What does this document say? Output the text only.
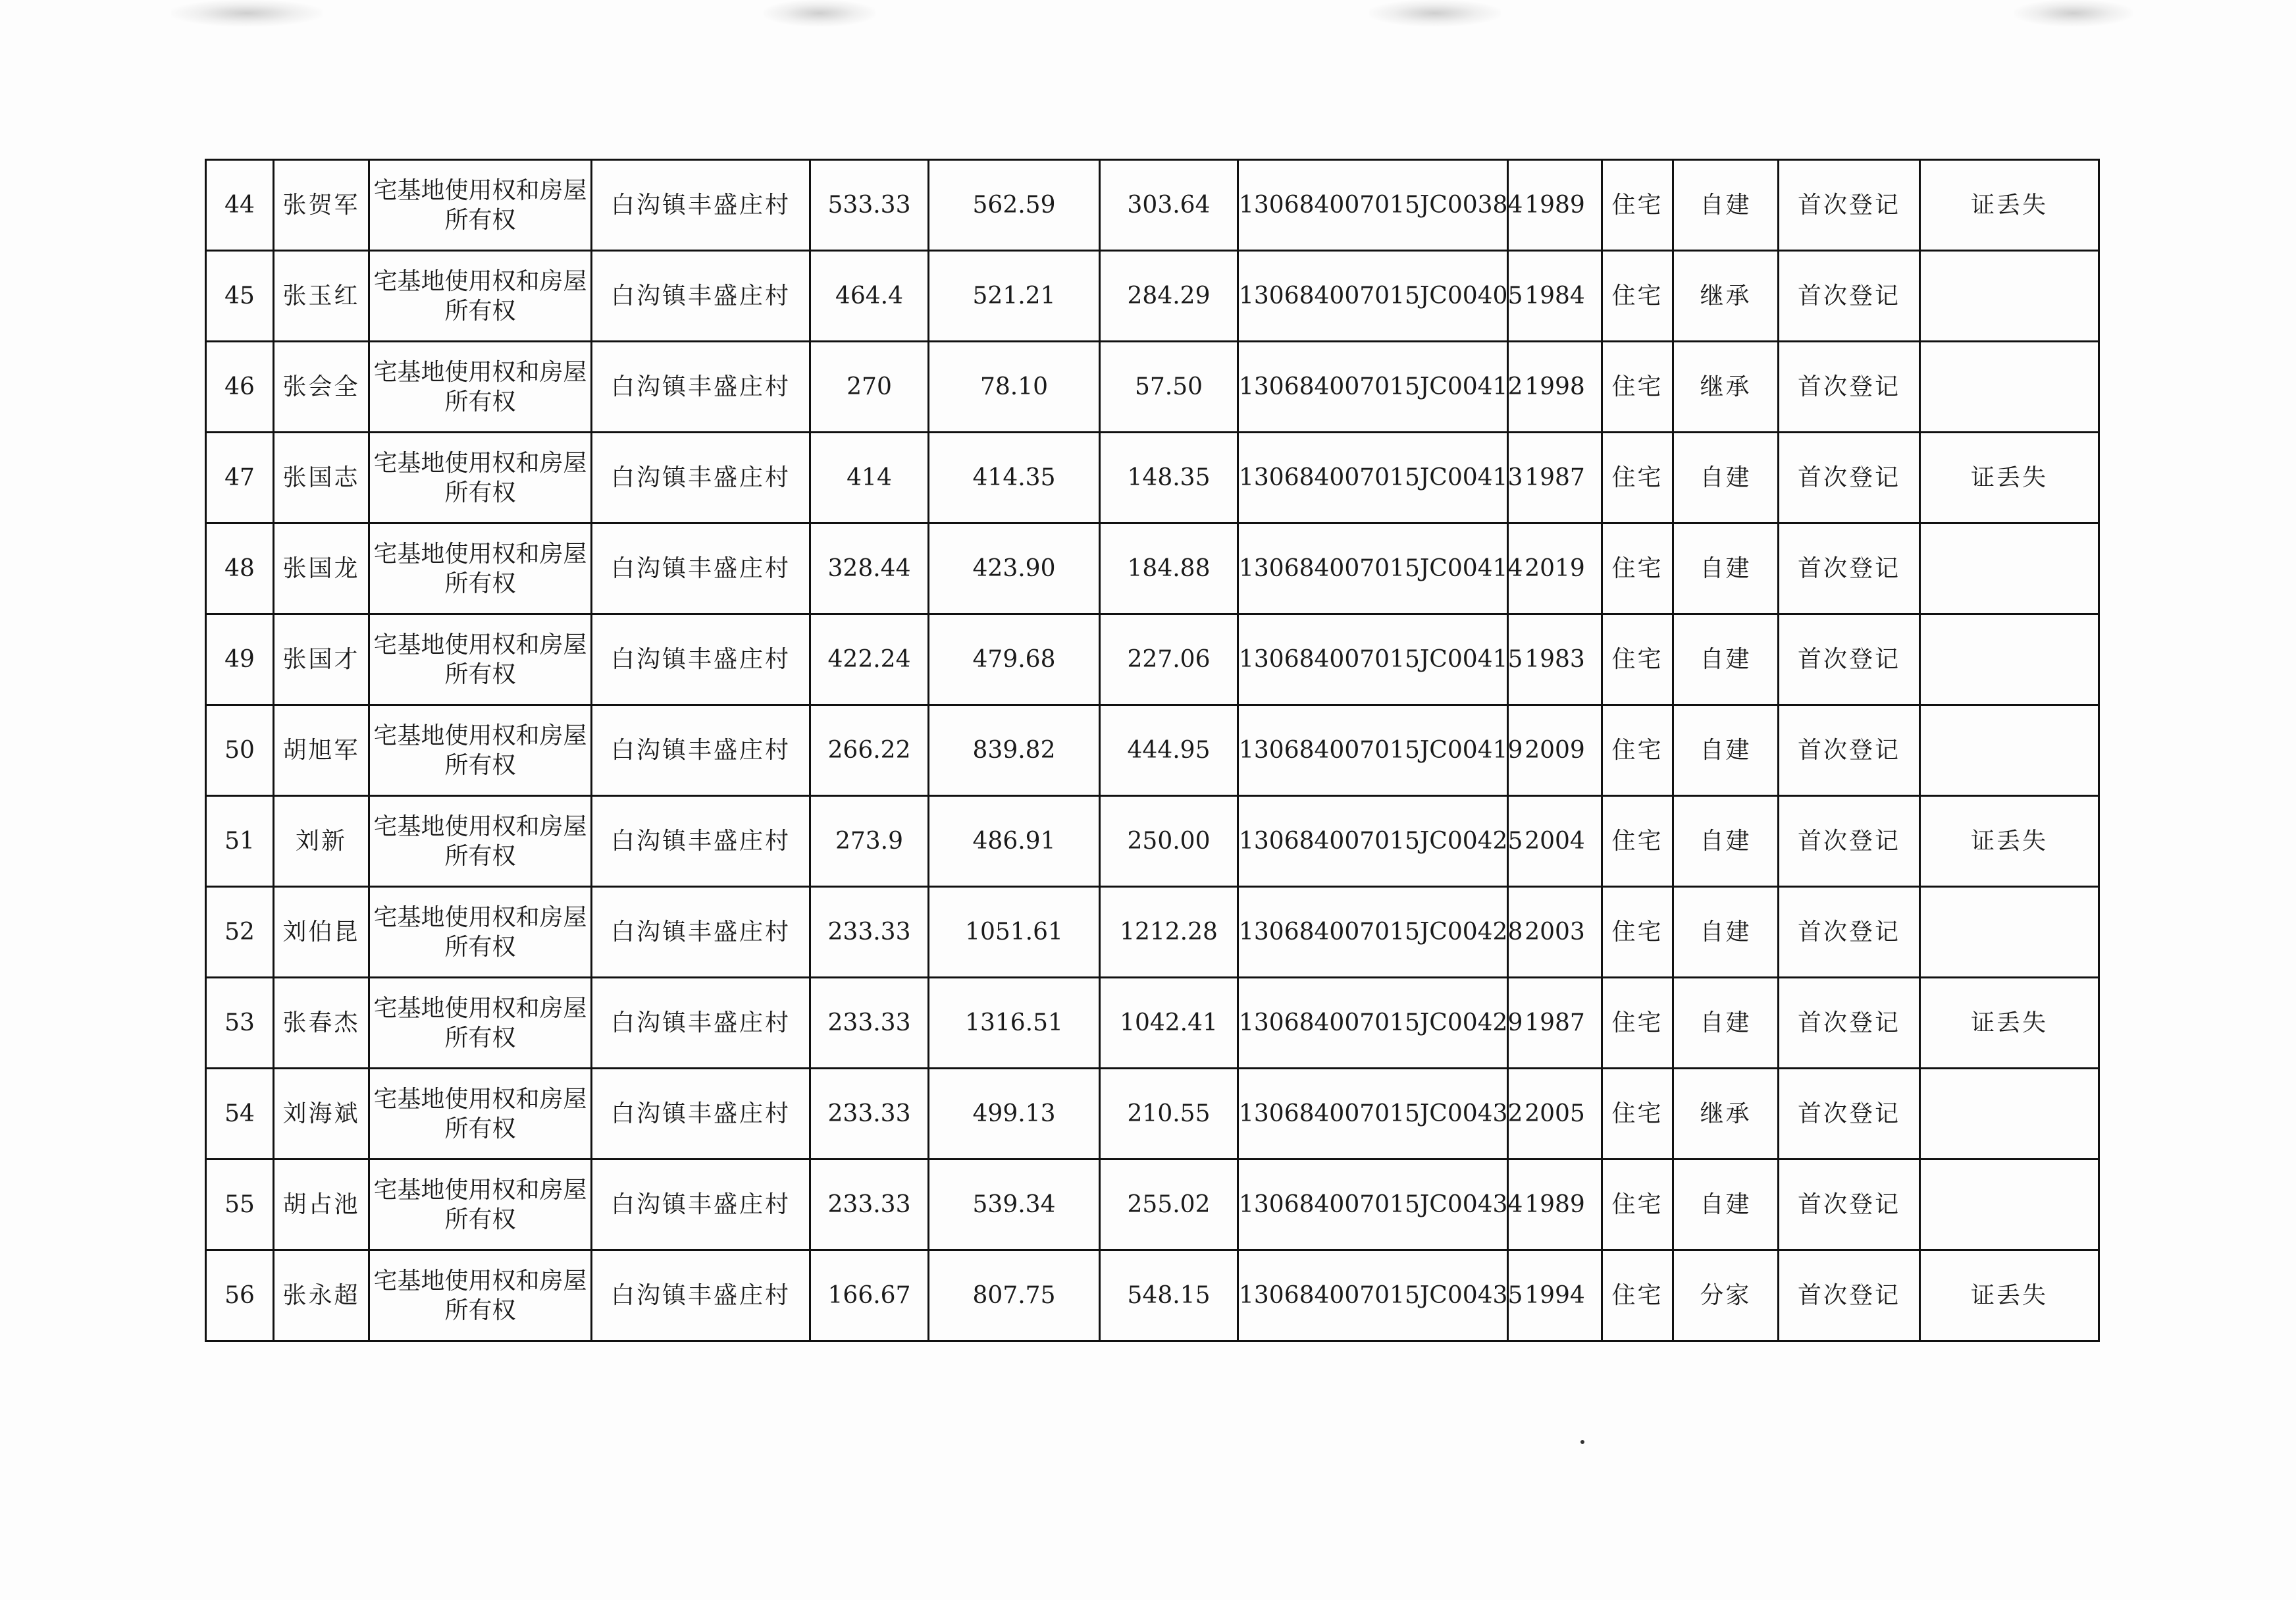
44	张贺军	宅基地使用权和房屋所有权	白沟镇丰盛庄村	533.33	562.59	303.64	130684007015JC00384	1989	住宅	自建	首次登记	证丢失
45	张玉红	宅基地使用权和房屋所有权	白沟镇丰盛庄村	464.4	521.21	284.29	130684007015JC00405	1984	住宅	继承	首次登记	
46	张会全	宅基地使用权和房屋所有权	白沟镇丰盛庄村	270	78.10	57.50	130684007015JC00412	1998	住宅	继承	首次登记	
47	张国志	宅基地使用权和房屋所有权	白沟镇丰盛庄村	414	414.35	148.35	130684007015JC00413	1987	住宅	自建	首次登记	证丢失
48	张国龙	宅基地使用权和房屋所有权	白沟镇丰盛庄村	328.44	423.90	184.88	130684007015JC00414	2019	住宅	自建	首次登记	
49	张国才	宅基地使用权和房屋所有权	白沟镇丰盛庄村	422.24	479.68	227.06	130684007015JC00415	1983	住宅	自建	首次登记	
50	胡旭军	宅基地使用权和房屋所有权	白沟镇丰盛庄村	266.22	839.82	444.95	130684007015JC00419	2009	住宅	自建	首次登记	
51	刘新	宅基地使用权和房屋所有权	白沟镇丰盛庄村	273.9	486.91	250.00	130684007015JC00425	2004	住宅	自建	首次登记	证丢失
52	刘伯昆	宅基地使用权和房屋所有权	白沟镇丰盛庄村	233.33	1051.61	1212.28	130684007015JC00428	2003	住宅	自建	首次登记	
53	张春杰	宅基地使用权和房屋所有权	白沟镇丰盛庄村	233.33	1316.51	1042.41	130684007015JC00429	1987	住宅	自建	首次登记	证丢失
54	刘海斌	宅基地使用权和房屋所有权	白沟镇丰盛庄村	233.33	499.13	210.55	130684007015JC00432	2005	住宅	继承	首次登记	
55	胡占池	宅基地使用权和房屋所有权	白沟镇丰盛庄村	233.33	539.34	255.02	130684007015JC00434	1989	住宅	自建	首次登记	
56	张永超	宅基地使用权和房屋所有权	白沟镇丰盛庄村	166.67	807.75	548.15	130684007015JC00435	1994	住宅	分家	首次登记	证丢失
